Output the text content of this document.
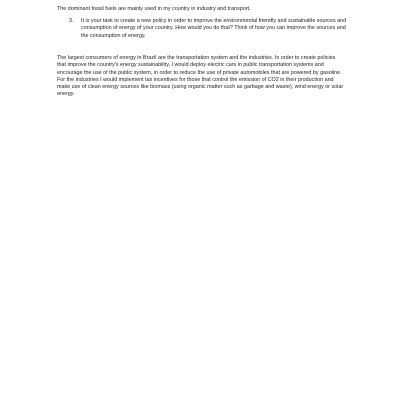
The dominant fossil fuels are mainly used in my country in industry and transport.

3.	It is your task to create a new policy in order to improve the environmental friendly and sustainable sources and consumption of energy of your country. How would you do that? Think of how you can improve the sources and the consumption of energy.

The largest consumers of energy in Brazil are the transportation system and the industries. In order to create policies that improve the country's energy sustainability, I would deploy electric cars in public transportation systems and encourage the use of the public system, in order to reduce the use of private automobiles that are powered by gasoline. For the industries I would implement tax incentives for those that control the emission of CO2 in their production and make use of clean energy sources like biomass (using organic matter such as garbage and waste), wind energy or solar energy.
